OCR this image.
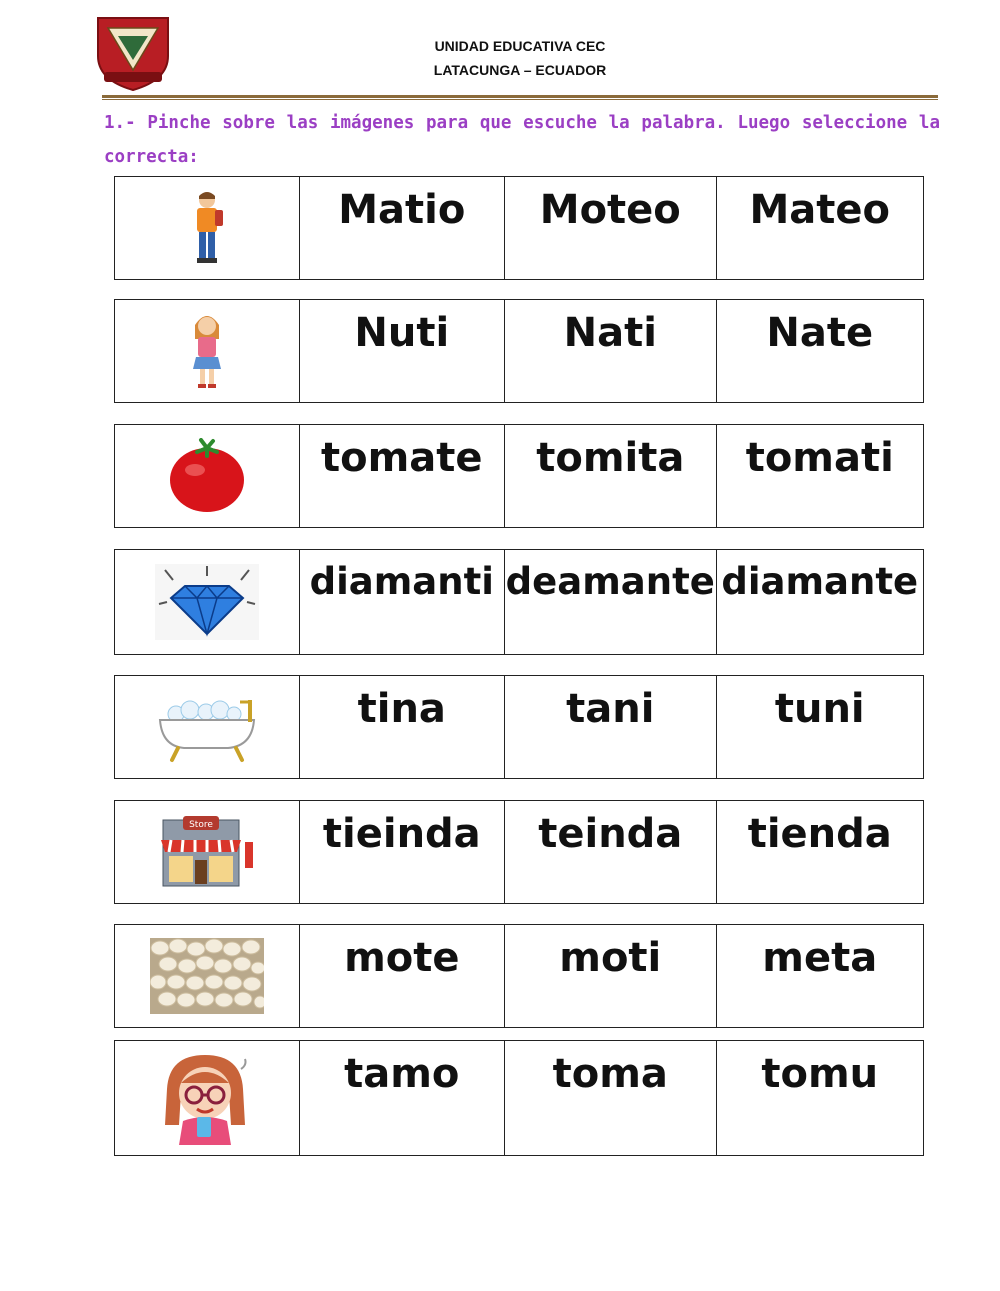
UNIDAD EDUCATIVA CEC
LATACUNGA – ECUADOR
1.- Pinche sobre las imágenes para que escuche la palabra. Luego seleccione la correcta:
Matio	Moteo	Mateo
Nuti	Nati	Nate
tomate	tomita	tomati
diamanti deamante diamante
tina	tani	tuni
Store	tieinda	teinda	tienda
mote	moti	meta
tamo	toma	tomu
